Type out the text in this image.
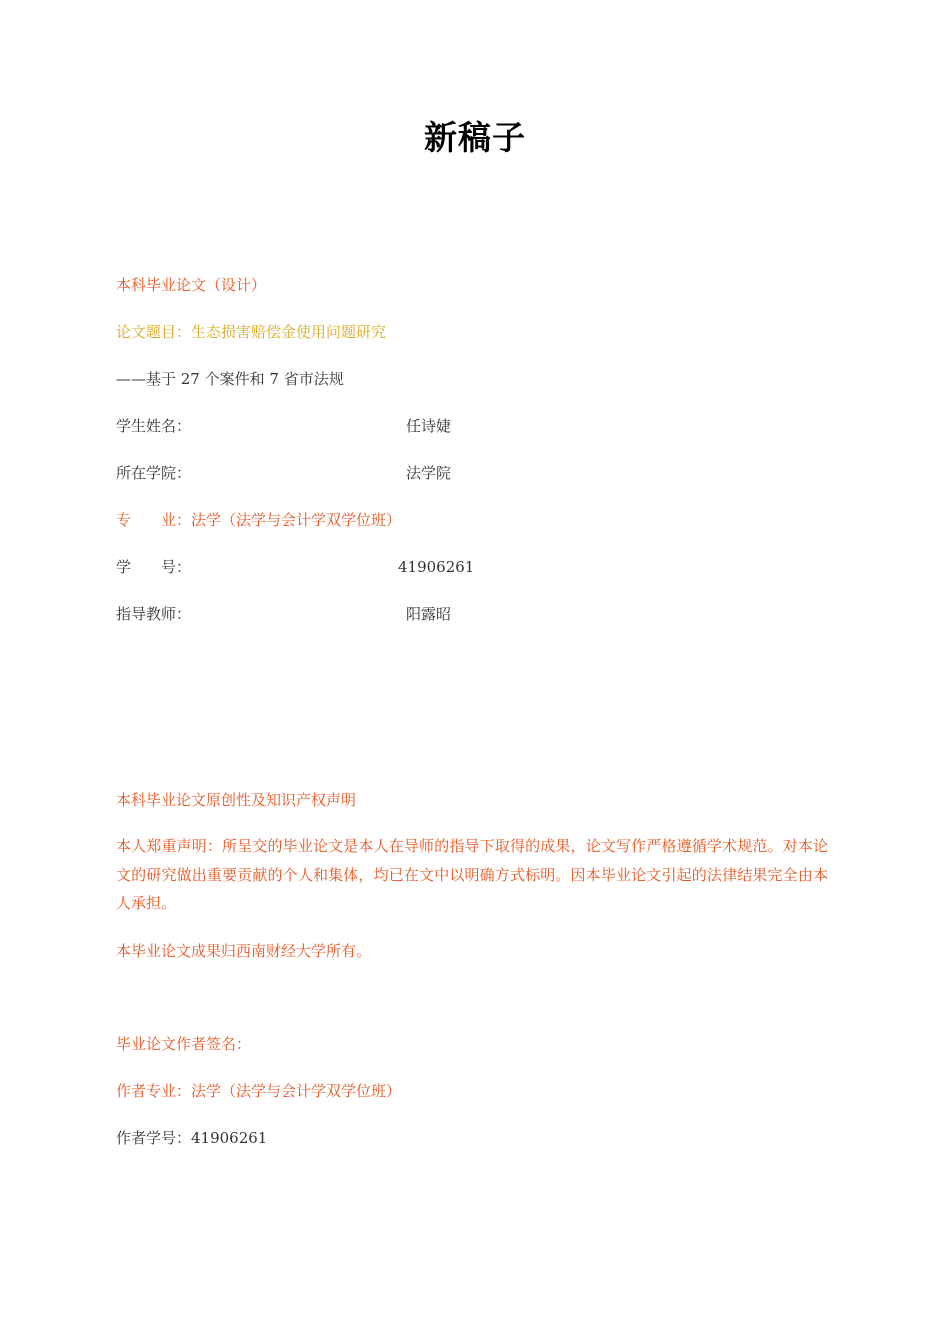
新稿子
本科毕业论文（设计）
论文题目：生态损害赔偿金使用问题研究
——基于 27 个案件和 7 省市法规
学生姓名：	任诗婕
所在学院：	法学院
专　　业：法学（法学与会计学双学位班）
学　　号：	41906261
指导教师：	阳露昭
本科毕业论文原创性及知识产权声明
本人郑重声明：所呈交的毕业论文是本人在导师的指导下取得的成果，论文写作严格遵循学术规范。对本论文的研究做出重要贡献的个人和集体，均已在文中以明确方式标明。因本毕业论文引起的法律结果完全由本人承担。
本毕业论文成果归西南财经大学所有。
毕业论文作者签名：
作者专业：法学（法学与会计学双学位班）
作者学号：41906261
